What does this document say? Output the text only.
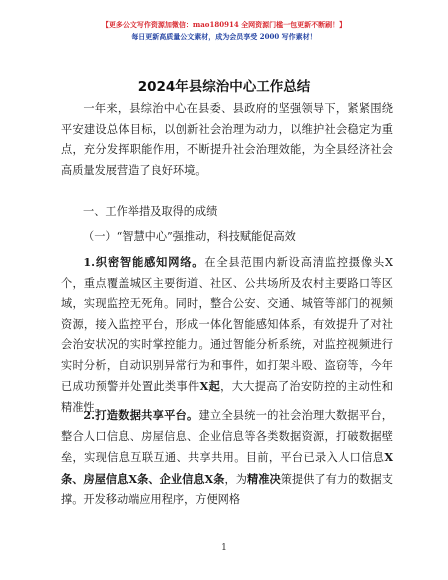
【更多公文写作资源加微信：mao180914 全网资源门槛一包更新不断刷！】
每日更新高质量公文素材，成为会员享受 2000 写作素材！
2024年县综治中心工作总结

一年来，县综治中心在县委、县政府的坚强领导下，紧紧围绕平安建设总体目标，以创新社会治理为动力，以维护社会稳定为重点，充分发挥职能作用，不断提升社会治理效能，为全县经济社会高质量发展营造了良好环境。

一、工作举措及取得的成绩
（一）“智慧中心”强推动，科技赋能促高效

1.织密智能感知网络。在全县范围内新设高清监控摄像头X个，重点覆盖城区主要街道、社区、公共场所及农村主要路口等区域，实现监控无死角。同时，整合公安、交通、城管等部门的视频资源，接入监控平台，形成一体化智能感知体系，有效提升了对社会治安状况的实时掌控能力。通过智能分析系统，对监控视频进行实时分析，自动识别异常行为和事件，如打架斗殴、盗窃等，今年已成功预警并处置此类事件X起，大大提高了治安防控的主动性和精准性。

2.打造数据共享平台。建立全县统一的社会治理大数据平台，整合人口信息、房屋信息、企业信息等各类数据资源，打破数据壁垒，实现信息互联互通、共享共用。目前，平台已录入人口信息X条、房屋信息X条、企业信息X条，为精准决策提供了有力的数据支撑。开发移动端应用程序，方便网格

1
